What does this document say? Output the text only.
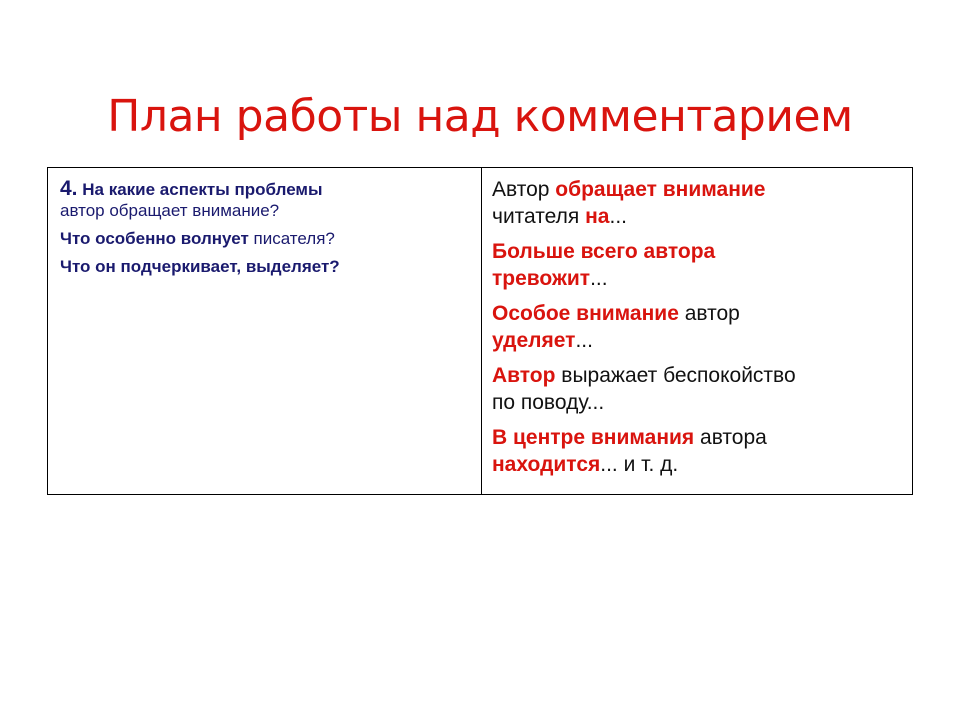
План работы над комментарием

4. На какие аспекты проблемы
автор обращает внимание?

Что особенно волнует писателя?

Что он подчеркивает, выделяет?

Автор обращает внимание
читателя на...

Больше всего автора
тревожит...

Особое внимание автор
уделяет...

Автор выражает беспокойство
по поводу...

В центре внимания автора
находится... и т. д.
